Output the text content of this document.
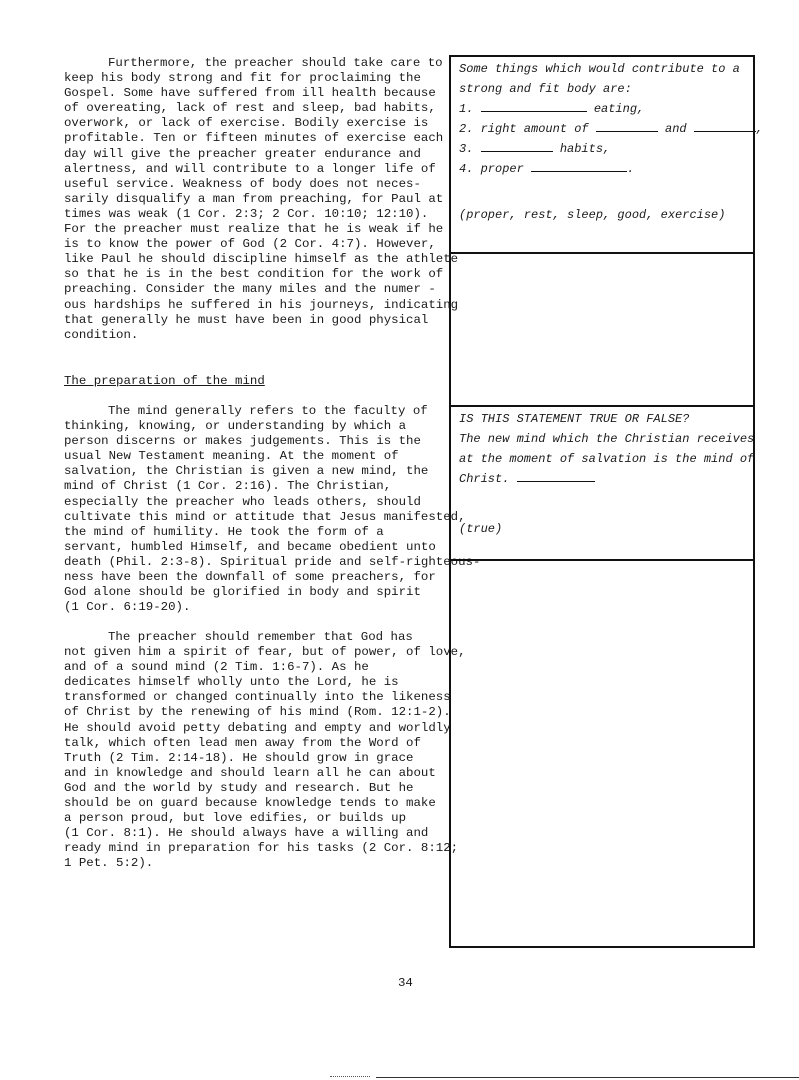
Furthermore, the preacher should take care to
keep his body strong and fit for proclaiming the
Gospel. Some have suffered from ill health because
of overeating, lack of rest and sleep, bad habits,
overwork, or lack of exercise. Bodily exercise is
profitable. Ten or fifteen minutes of exercise each
day will give the preacher greater endurance and
alertness, and will contribute to a longer life of
useful service. Weakness of body does not neces-
sarily disqualify a man from preaching, for Paul at
times was weak (1 Cor. 2:3; 2 Cor. 10:10; 12:10).
For the preacher must realize that he is weak if he
is to know the power of God (2 Cor. 4:7). However,
like Paul he should discipline himself as the athlete
so that he is in the best condition for the work of
preaching. Consider the many miles and the numer -
ous hardships he suffered in his journeys, indicating
that generally he must have been in good physical
condition.

The preparation of the mind

The mind generally refers to the faculty of
thinking, knowing, or understanding by which a
person discerns or makes judgements. This is the
usual New Testament meaning. At the moment of
salvation, the Christian is given a new mind, the
mind of Christ (1 Cor. 2:16). The Christian,
especially the preacher who leads others, should
cultivate this mind or attitude that Jesus manifested,
the mind of humility. He took the form of a
servant, humbled Himself, and became obedient unto
death (Phil. 2:3-8). Spiritual pride and self-righteous-
ness have been the downfall of some preachers, for
God alone should be glorified in body and spirit
(1 Cor. 6:19-20).

The preacher should remember that God has
not given him a spirit of fear, but of power, of love,
and of a sound mind (2 Tim. 1:6-7). As he
dedicates himself wholly unto the Lord, he is
transformed or changed continually into the likeness
of Christ by the renewing of his mind (Rom. 12:1-2).
He should avoid petty debating and empty and worldly
talk, which often lead men away from the Word of
Truth (2 Tim. 2:14-18). He should grow in grace
and in knowledge and should learn all he can about
God and the world by study and research. But he
should be on guard because knowledge tends to make
a person proud, but love edifies, or builds up
(1 Cor. 8:1). He should always have a willing and
ready mind in preparation for his tasks (2 Cor. 8:12;
1 Pet. 5:2).

Some things which would contribute to a
strong and fit body are:
1.	eating,
2. right amount of	and	,
3.	habits,
4. proper	.
(proper, rest, sleep, good, exercise)
IS THIS STATEMENT TRUE OR FALSE?
The new mind which the Christian receives
at the moment of salvation is the mind of
Christ.
(true)
34
